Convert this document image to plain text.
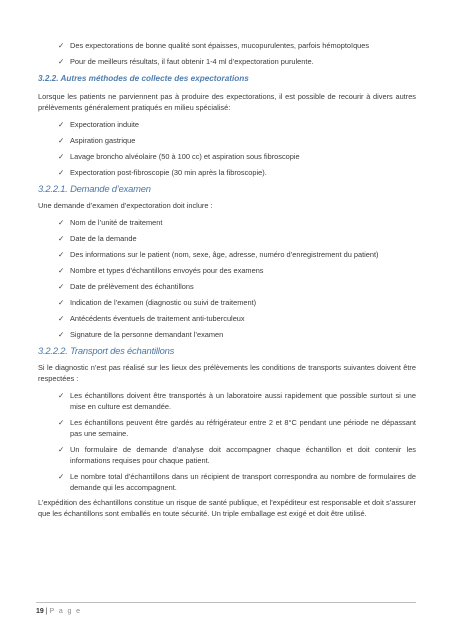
✓ Des expectorations de bonne qualité sont épaisses, mucopurulentes, parfois hémoptoïques
✓ Pour de meilleurs résultats, il faut obtenir 1-4 ml d’expectoration purulente.
3.2.2. Autres méthodes de collecte des expectorations

Lorsque les patients ne parviennent pas à produire des expectorations, il est possible de recourir à divers autres prélèvements généralement pratiqués en milieu spécialisé:

✓ Expectoration induite
✓ Aspiration gastrique
✓ Lavage broncho alvéolaire (50 à 100 cc) et aspiration sous fibroscopie
✓ Expectoration post-fibroscopie (30 min après la fibroscopie).
3.2.2.1. Demande d’examen

Une demande d’examen d’expectoration doit inclure :

✓ Nom de l’unité de traitement
✓ Date de la demande
✓ Des informations sur le patient (nom, sexe, âge, adresse, numéro d’enregistrement du patient)
✓ Nombre et types d’échantillons envoyés pour des examens
✓ Date de prélèvement des échantillons
✓ Indication de l’examen (diagnostic ou suivi de traitement)
✓ Antécédents éventuels de traitement anti-tuberculeux
✓ Signature de la personne demandant l’examen
3.2.2.2. Transport des échantillons

Si le diagnostic n’est pas réalisé sur les lieux des prélèvements les conditions de transports suivantes doivent être respectées :

✓ Les échantillons doivent être transportés à un laboratoire aussi rapidement que possible surtout si une mise en culture est demandée.
✓ Les échantillons peuvent être gardés au réfrigérateur entre 2 et 8°C pendant une période ne dépassant pas une semaine.
✓ Un formulaire de demande d’analyse doit accompagner chaque échantillon et doit contenir les informations requises pour chaque patient.
✓ Le nombre total d’échantillons dans un récipient de transport correspondra au nombre de formulaires de demande qui les accompagnent.

L’expédition des échantillons constitue un risque de santé publique, et l’expéditeur est responsable et doit s’assurer que les échantillons sont emballés en toute sécurité. Un triple emballage est exigé et doit être utilisé.

19 | P a g e
